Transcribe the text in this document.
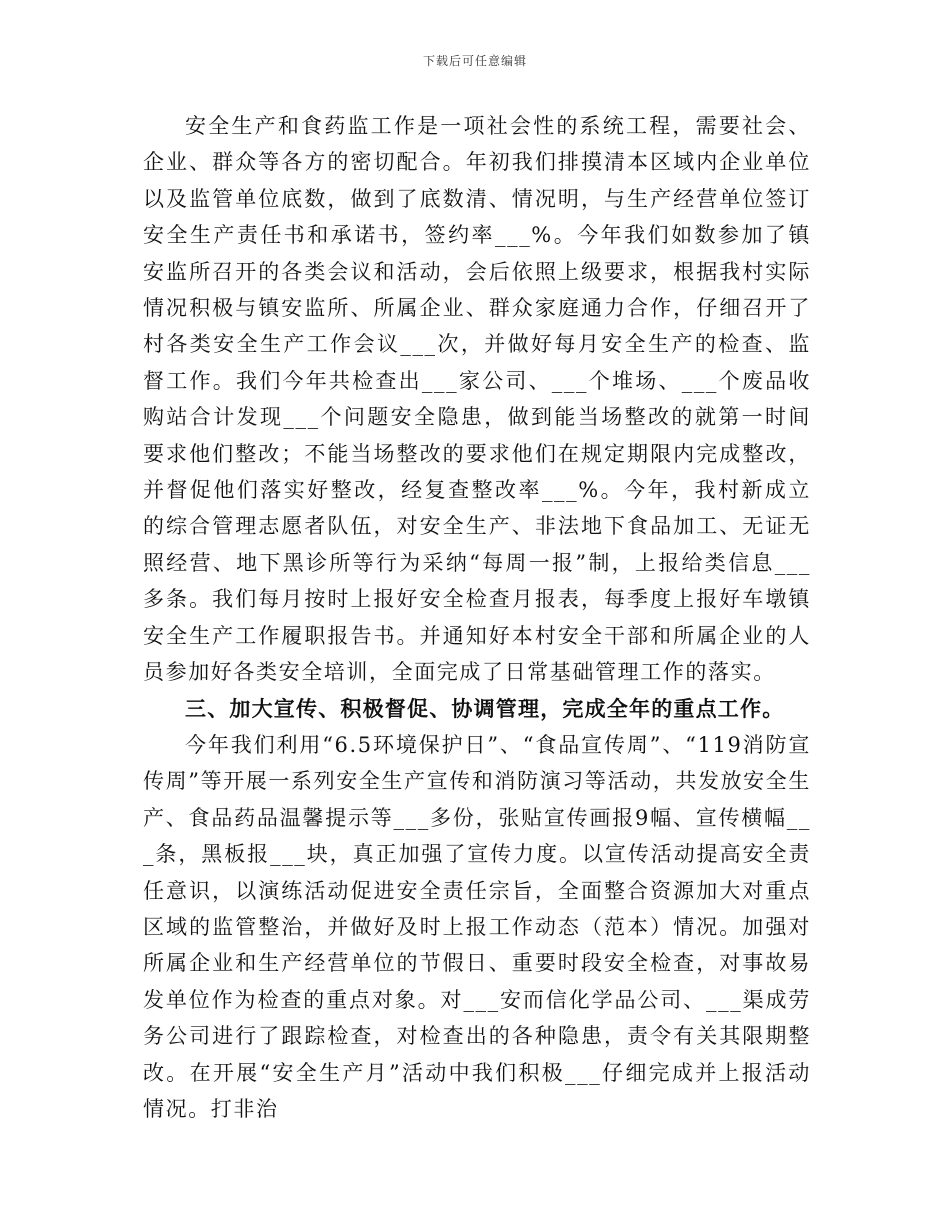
下载后可任意编辑

安全生产和食药监工作是一项社会性的系统工程，需要社会、企业、群众等各方的密切配合。年初我们排摸清本区域内企业单位以及监管单位底数，做到了底数清、情况明，与生产经营单位签订安全生产责任书和承诺书，签约率___%。今年我们如数参加了镇安监所召开的各类会议和活动，会后依照上级要求，根据我村实际情况积极与镇安监所、所属企业、群众家庭通力合作，仔细召开了村各类安全生产工作会议___次，并做好每月安全生产的检查、监督工作。我们今年共检查出___家公司、___个堆场、___个废品收购站合计发现___个问题安全隐患，做到能当场整改的就第一时间要求他们整改；不能当场整改的要求他们在规定期限内完成整改，并督促他们落实好整改，经复查整改率___%。今年，我村新成立的综合管理志愿者队伍，对安全生产、非法地下食品加工、无证无照经营、地下黑诊所等行为采纳“每周一报”制，上报给类信息___多条。我们每月按时上报好安全检查月报表，每季度上报好车墩镇安全生产工作履职报告书。并通知好本村安全干部和所属企业的人员参加好各类安全培训，全面完成了日常基础管理工作的落实。

三、加大宣传、积极督促、协调管理，完成全年的重点工作。

今年我们利用“6.5环境保护日”、“食品宣传周”、“119消防宣传周”等开展一系列安全生产宣传和消防演习等活动，共发放安全生产、食品药品温馨提示等___多份，张贴宣传画报9幅、宣传横幅___条，黑板报___块，真正加强了宣传力度。以宣传活动提高安全责任意识，以演练活动促进安全责任宗旨，全面整合资源加大对重点区域的监管整治，并做好及时上报工作动态（范本）情况。加强对所属企业和生产经营单位的节假日、重要时段安全检查，对事故易发单位作为检查的重点对象。对___安而信化学品公司、___渠成劳务公司进行了跟踪检查，对检查出的各种隐患，责令有关其限期整改。在开展“安全生产月”活动中我们积极___仔细完成并上报活动情况。打非治
